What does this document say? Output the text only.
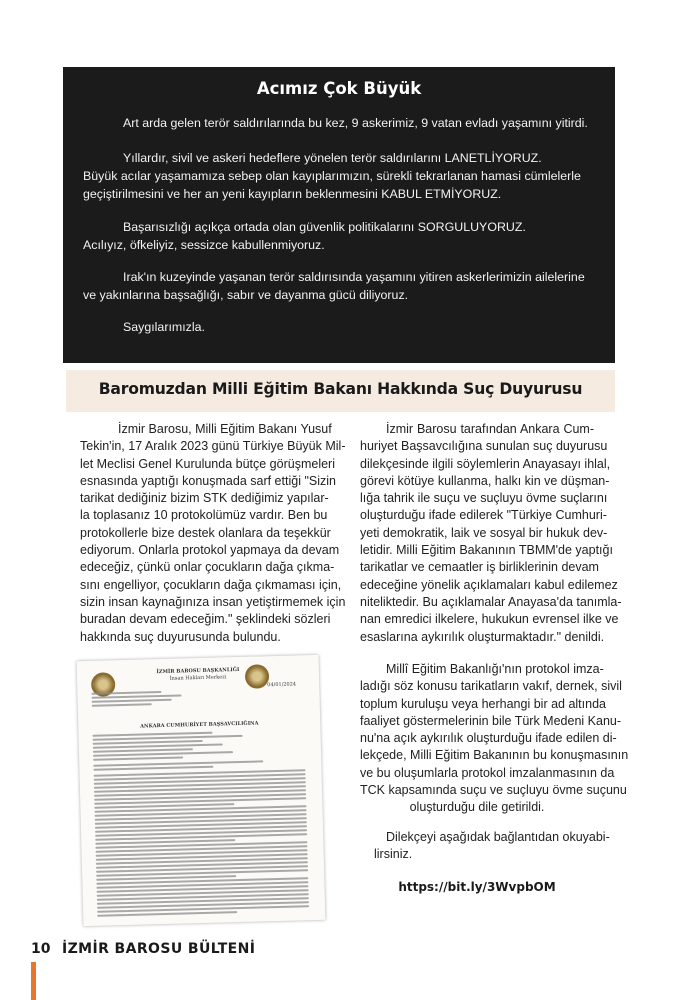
Acımız Çok Büyük

Art arda gelen terör saldırılarında bu kez, 9 askerimiz, 9 vatan evladı yaşamını yitirdi.

Yıllardır, sivil ve askeri hedeflere yönelen terör saldırılarını LANETLİYORUZ.

Büyük acılar yaşamamıza sebep olan kayıplarımızın, sürekli tekrarlanan hamasi cümlelerle

geçiştirilmesini ve her an yeni kayıpların beklenmesini KABUL ETMİYORUZ.

Başarısızlığı açıkça ortada olan güvenlik politikalarını SORGULUYORUZ.

Acılıyız, öfkeliyiz, sessizce kabullenmiyoruz.

Irak'ın kuzeyinde yaşanan terör saldırısında yaşamını yitiren askerlerimizin ailelerine

ve yakınlarına başsağlığı, sabır ve dayanma gücü diliyoruz.

Saygılarımızla.

Baromuzdan Milli Eğitim Bakanı Hakkında Suç Duyurusu

İzmir Barosu, Milli Eğitim Bakanı Yusuf

Tekin'in, 17 Aralık 2023 günü Türkiye Büyük Mil-

let Meclisi Genel Kurulunda bütçe görüşmeleri

esnasında yaptığı konuşmada sarf ettiği "Sizin

tarikat dediğiniz bizim STK dediğimiz yapılar-

la toplasanız 10 protokolümüz vardır. Ben bu

protokollerle bize destek olanlara da teşekkür

ediyorum. Onlarla protokol yapmaya da devam

edeceğiz, çünkü onlar çocukların dağa çıkma-

sını engelliyor, çocukların dağa çıkmaması için,

sizin insan kaynağınıza insan yetiştirmemek için

buradan devam edeceğim." şeklindeki sözleri

hakkında suç duyurusunda bulundu.

İZMİR BAROSU BAŞKANLIĞI
İnsan Hakları Merkezi
04/01/2024
ANKARA CUMHURİYET BAŞSAVCILIĞINA

İzmir Barosu tarafından Ankara Cum-

huriyet Başsavcılığına sunulan suç duyurusu

dilekçesinde ilgili söylemlerin Anayasayı ihlal,

görevi kötüye kullanma, halkı kin ve düşman-

lığa tahrik ile suçu ve suçluyu övme suçlarını

oluşturduğu ifade edilerek "Türkiye Cumhuri-

yeti demokratik, laik ve sosyal bir hukuk dev-

letidir. Milli Eğitim Bakanının TBMM'de yaptığı

tarikatlar ve cemaatler iş birliklerinin devam

edeceğine yönelik açıklamaları kabul edilemez

niteliktedir. Bu açıklamalar Anayasa'da tanımla-

nan emredici ilkelere, hukukun evrensel ilke ve

esaslarına aykırılık oluşturmaktadır." denildi.

Millî Eğitim Bakanlığı'nın protokol imza-

ladığı söz konusu tarikatların vakıf, dernek, sivil

toplum kuruluşu veya herhangi bir ad altında

faaliyet göstermelerinin bile Türk Medeni Kanu-

nu'na açık aykırılık oluşturduğu ifade edilen di-

lekçede, Milli Eğitim Bakanının bu konuşmasının

ve bu oluşumlarla protokol imzalanmasının da

TCK kapsamında suçu ve suçluyu övme suçunu

oluşturduğu dile getirildi.

Dilekçeyi aşağıdak bağlantıdan okuyabi-

lirsiniz.

https://bit.ly/3WvpbOM
10 İZMİR BAROSU BÜLTENİ
